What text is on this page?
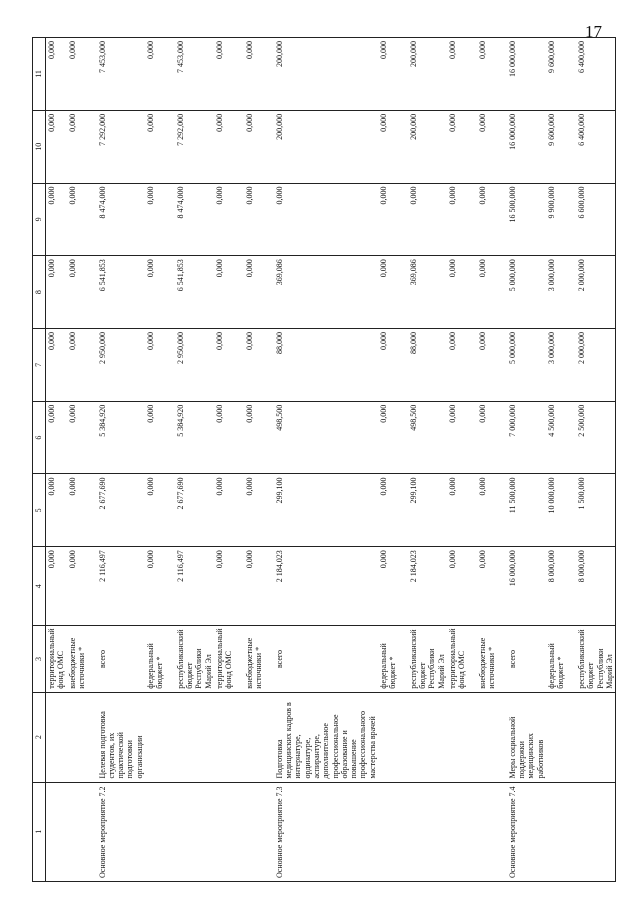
17
1	2	3	4	5	6	7	8	9	10	11
		территориальный фонд ОМС	0,000	0,000	0,000	0,000	0,000	0,000	0,000	0,000
		внебюджетные источники *	0,000	0,000	0,000	0,000	0,000	0,000	0,000	0,000
Основное мероприятие 7.2	Целевая подготовка студентов, их практической подготовки организации	всего	2 116,497	2 677,690	5 384,920	2 950,000	6 541,853	8 474,000	7 292,000	7 453,000
		федеральный бюджет *	0,000	0,000	0,000	0,000	0,000	0,000	0,000	0,000
		республиканский бюджет Республики Марий Эл	2 116,497	2 677,690	5 384,920	2 950,000	6 541,853	8 474,000	7 292,000	7 453,000
		территориальный фонд ОМС	0,000	0,000	0,000	0,000	0,000	0,000	0,000	0,000
		внебюджетные источники *	0,000	0,000	0,000	0,000	0,000	0,000	0,000	0,000
Основное мероприятие 7.3	Подготовка медицинских кадров в интернатуре, ординатуре, аспирантуре, дополнительное профессиональное образование и повышение профессионального мастерства врачей	всего	2 184,023	299,100	498,500	88,000	369,086	0,000	200,000	200,000
		федеральный бюджет *	0,000	0,000	0,000	0,000	0,000	0,000	0,000	0,000
		республиканский бюджет Республики Марий Эл	2 184,023	299,100	498,500	88,000	369,086	0,000	200,000	200,000
		территориальный фонд ОМС	0,000	0,000	0,000	0,000	0,000	0,000	0,000	0,000
		внебюджетные источники *	0,000	0,000	0,000	0,000	0,000	0,000	0,000	0,000
Основное мероприятие 7.4	Меры социальной поддержки медицинских работников	всего	16 000,000	11 500,000	7 000,000	5 000,000	5 000,000	16 500,000	16 000,000	16 000,000
		федеральный бюджет *	8 000,000	10 000,000	4 500,000	3 000,000	3 000,000	9 900,000	9 600,000	9 600,000
		республиканский бюджет Республики Марий Эл	8 000,000	1 500,000	2 500,000	2 000,000	2 000,000	6 600,000	6 400,000	6 400,000
